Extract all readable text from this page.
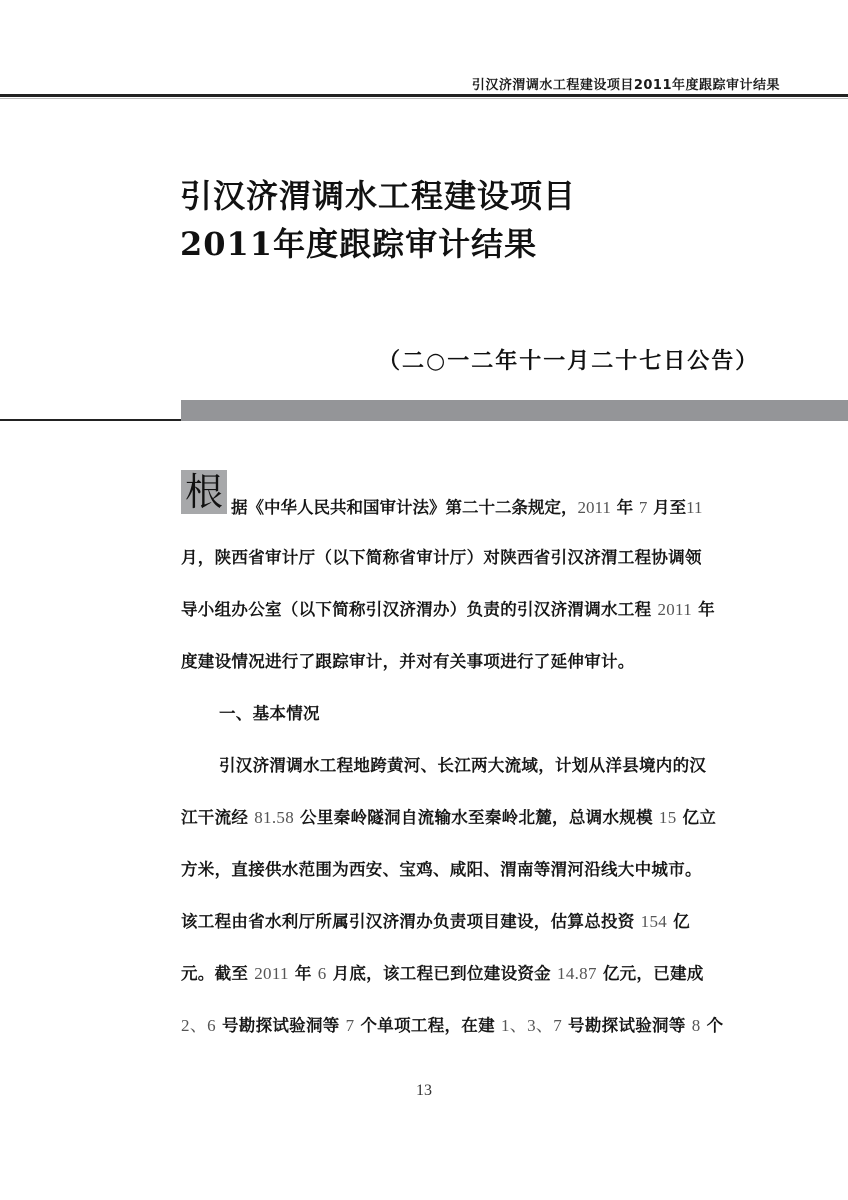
引汉济渭调水工程建设项目2011年度跟踪审计结果
引汉济渭调水工程建设项目
2011年度跟踪审计结果
（二○一二年十一月二十七日公告）
根 据《中华人民共和国审计法》第二十二条规定，2011 年 7 月至11
月，陕西省审计厅（以下简称省审计厅）对陕西省引汉济渭工程协调领
导小组办公室（以下简称引汉济渭办）负责的引汉济渭调水工程 2011 年
度建设情况进行了跟踪审计，并对有关事项进行了延伸审计。
一、基本情况
引汉济渭调水工程地跨黄河、长江两大流域，计划从洋县境内的汉
江干流经 81.58 公里秦岭隧洞自流输水至秦岭北麓，总调水规模 15 亿立
方米，直接供水范围为西安、宝鸡、咸阳、渭南等渭河沿线大中城市。
该工程由省水利厅所属引汉济渭办负责项目建设，估算总投资 154 亿
元。截至 2011 年 6 月底，该工程已到位建设资金 14.87 亿元，已建成
2、6 号勘探试验洞等 7 个单项工程，在建 1、3、7 号勘探试验洞等 8 个
13
